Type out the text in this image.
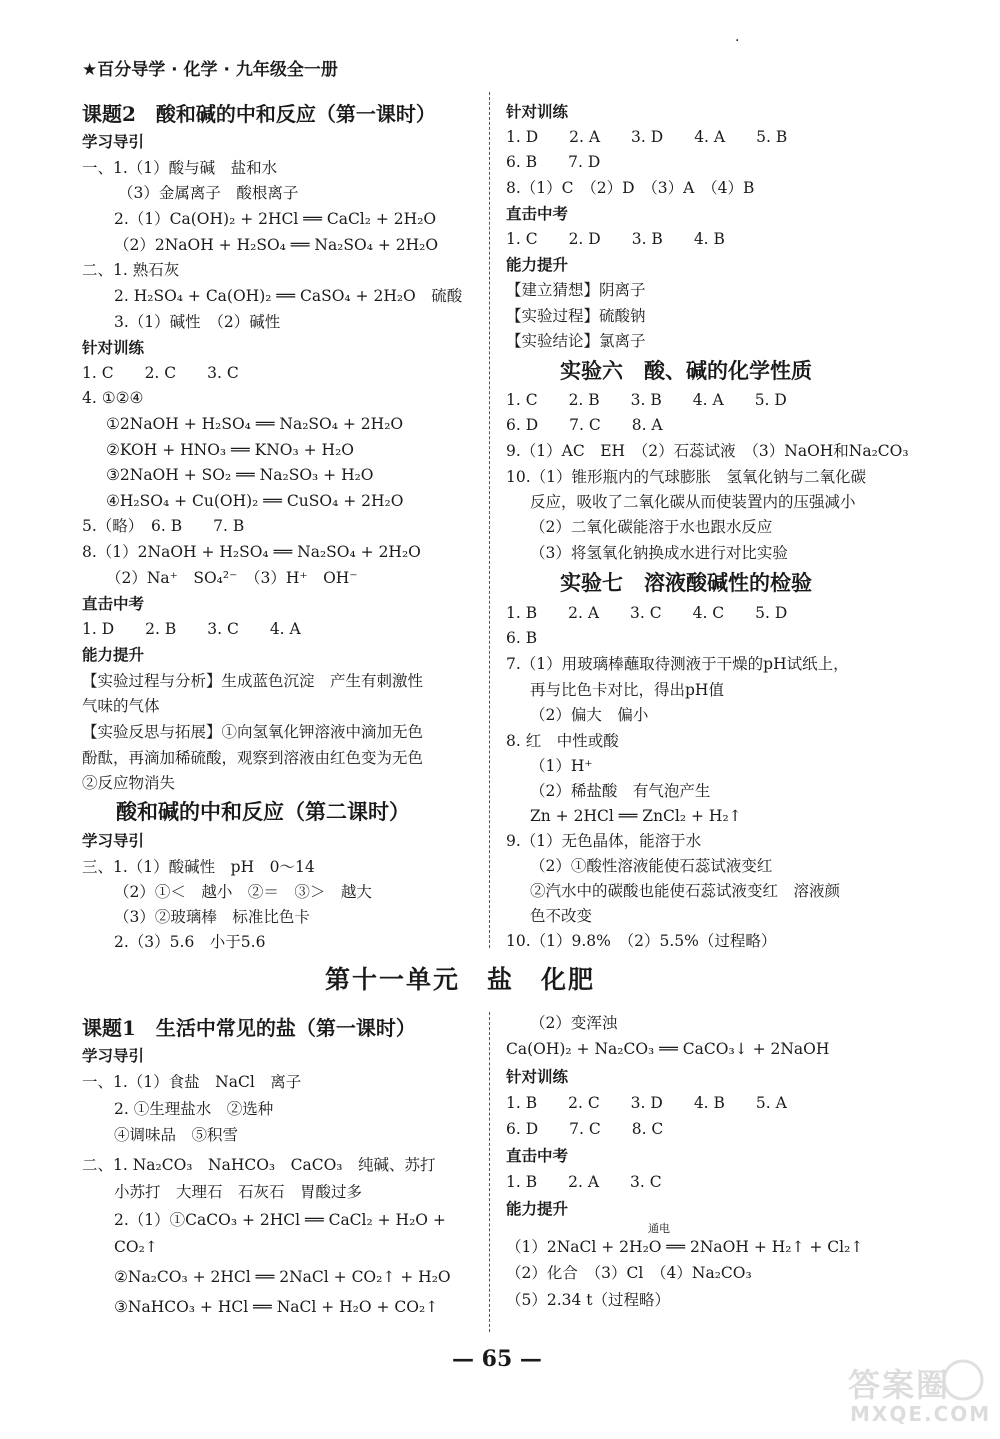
★百分导学 · 化学 · 九年级全一册
·
课题2　酸和碱的中和反应（第一课时）
学习导引
一、1.（1）酸与碱　盐和水
（3）金属离子　酸根离子
2.（1）Ca(OH)₂ + 2HCl ══ CaCl₂ + 2H₂O
（2）2NaOH + H₂SO₄ ══ Na₂SO₄ + 2H₂O
二、1. 熟石灰
2. H₂SO₄ + Ca(OH)₂ ══ CaSO₄ + 2H₂O　硫酸
3.（1）碱性　（2）碱性
针对训练
1. C　　2. C　　3. C
4. ①②④
①2NaOH + H₂SO₄ ══ Na₂SO₄ + 2H₂O
②KOH + HNO₃ ══ KNO₃ + H₂O
③2NaOH + SO₂ ══ Na₂SO₃ + H₂O
④H₂SO₄ + Cu(OH)₂ ══ CuSO₄ + 2H₂O
5.（略）　6. B　　7. B
8.（1）2NaOH + H₂SO₄ ══ Na₂SO₄ + 2H₂O
（2）Na⁺　SO₄²⁻　（3）H⁺　OH⁻
直击中考
1. D　　2. B　　3. C　　4. A
能力提升
【实验过程与分析】生成蓝色沉淀　产生有刺激性
气味的气体
【实验反思与拓展】①向氢氧化钾溶液中滴加无色
酚酞，再滴加稀硫酸，观察到溶液由红色变为无色
②反应物消失
酸和碱的中和反应（第二课时）
学习导引
三、1.（1）酸碱性　pH　0～14
（2）①＜　越小　②＝　③＞　越大
（3）②玻璃棒　标准比色卡
2.（3）5.6　小于5.6
针对训练
1. D　　2. A　　3. D　　4. A　　5. B
6. B　　7. D
8.（1）C　（2）D　（3）A　（4）B
直击中考
1. C　　2. D　　3. B　　4. B
能力提升
【建立猜想】阴离子
【实验过程】硫酸钠
【实验结论】氯离子
实验六　酸、碱的化学性质
1. C　　2. B　　3. B　　4. A　　5. D
6. D　　7. C　　8. A
9.（1）AC　EH　（2）石蕊试液　（3）NaOH和Na₂CO₃
10.（1）锥形瓶内的气球膨胀　氢氧化钠与二氧化碳
反应，吸收了二氧化碳从而使装置内的压强减小
（2）二氧化碳能溶于水也跟水反应
（3）将氢氧化钠换成水进行对比实验
实验七　溶液酸碱性的检验
1. B　　2. A　　3. C　　4. C　　5. D
6. B
7.（1）用玻璃棒蘸取待测液于干燥的pH试纸上，
再与比色卡对比，得出pH值
（2）偏大　偏小
8. 红　中性或酸
（1）H⁺
（2）稀盐酸　有气泡产生
Zn + 2HCl ══ ZnCl₂ + H₂↑
9.（1）无色晶体，能溶于水
（2）①酸性溶液能使石蕊试液变红
②汽水中的碳酸也能使石蕊试液变红　溶液颜
色不改变
10.（1）9.8%　（2）5.5%（过程略）
第十一单元　盐　化肥
课题1　生活中常见的盐（第一课时）
学习导引
一、1.（1）食盐　NaCl　离子
2. ①生理盐水　②选种
④调味品　⑤积雪
二、1. Na₂CO₃　NaHCO₃　CaCO₃　纯碱、苏打
小苏打　大理石　石灰石　胃酸过多
2.（1）①CaCO₃ + 2HCl ══ CaCl₂ + H₂O +
CO₂↑
②Na₂CO₃ + 2HCl ══ 2NaCl + CO₂↑ + H₂O
③NaHCO₃ + HCl ══ NaCl + H₂O + CO₂↑
（2）变浑浊
Ca(OH)₂ + Na₂CO₃ ══ CaCO₃↓ + 2NaOH
针对训练
1. B　　2. C　　3. D　　4. B　　5. A
6. D　　7. C　　8. C
直击中考
1. B　　2. A　　3. C
能力提升
通电
（1）2NaCl + 2H₂O ══ 2NaOH + H₂↑ + Cl₂↑
（2）化合　（3）Cl　（4）Na₂CO₃
（5）2.34 t（过程略）
— 65 —
答案圈
MXQE.COM
